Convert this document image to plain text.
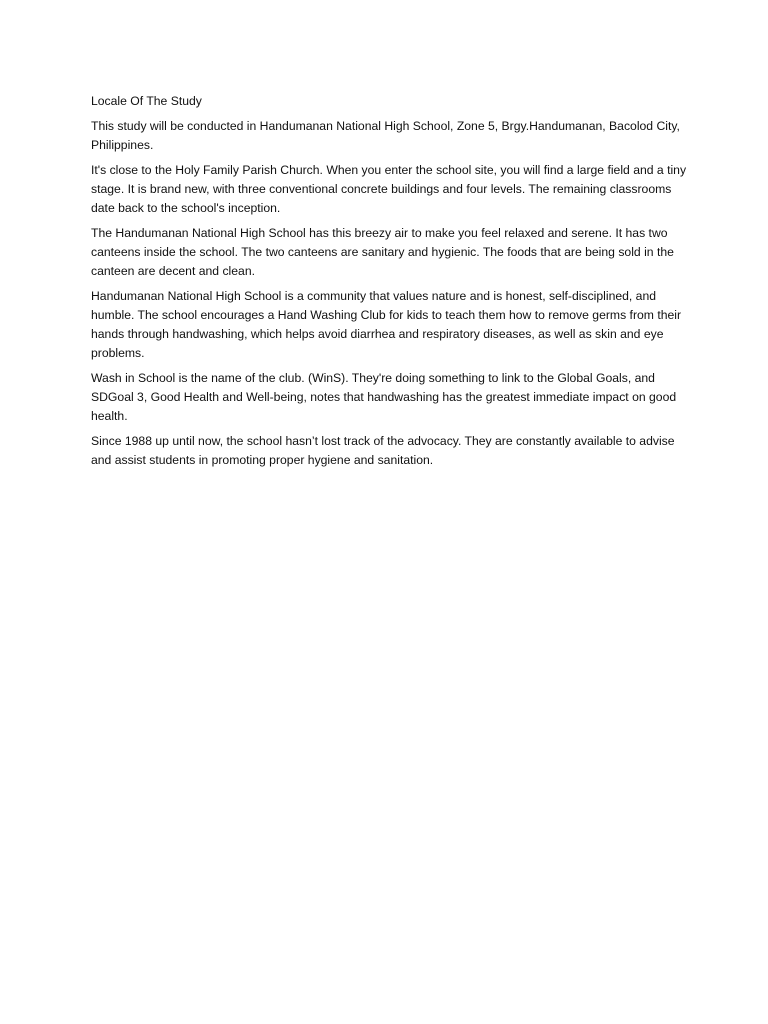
Locale Of The Study

This study will be conducted in Handumanan National High School, Zone 5, Brgy.Handumanan, Bacolod City, Philippines.

It's close to the Holy Family Parish Church. When you enter the school site, you will find a large field and a tiny stage. It is brand new, with three conventional concrete buildings and four levels. The remaining classrooms date back to the school's inception.

The Handumanan National High School has this breezy air to make you feel relaxed and serene. It has two canteens inside the school. The two canteens are sanitary and hygienic. The foods that are being sold in the canteen are decent and clean.

Handumanan National High School is a community that values nature and is honest, self-disciplined, and humble. The school encourages a Hand Washing Club for kids to teach them how to remove germs from their hands through handwashing, which helps avoid diarrhea and respiratory diseases, as well as skin and eye problems.

Wash in School is the name of the club. (WinS). They're doing something to link to the Global Goals, and SDGoal 3, Good Health and Well-being, notes that handwashing has the greatest immediate impact on good health.

Since 1988 up until now, the school hasn’t lost track of the advocacy. They are constantly available to advise and assist students in promoting proper hygiene and sanitation.
